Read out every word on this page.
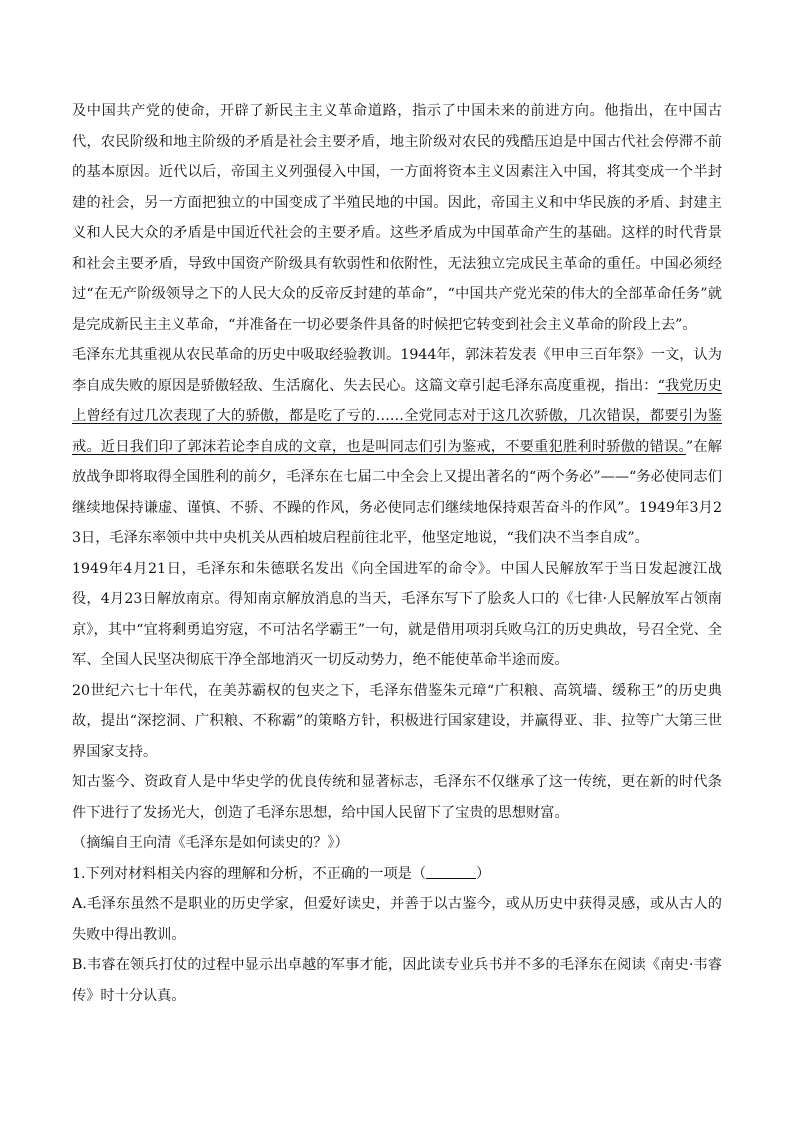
及中国共产党的使命，开辟了新民主主义革命道路，指示了中国未来的前进方向。他指出，在中国古代，农民阶级和地主阶级的矛盾是社会主要矛盾，地主阶级对农民的残酷压迫是中国古代社会停滞不前的基本原因。近代以后，帝国主义列强侵入中国，一方面将资本主义因素注入中国，将其变成一个半封建的社会，另一方面把独立的中国变成了半殖民地的中国。因此，帝国主义和中华民族的矛盾、封建主义和人民大众的矛盾是中国近代社会的主要矛盾。这些矛盾成为中国革命产生的基础。这样的时代背景和社会主要矛盾，导致中国资产阶级具有软弱性和依附性，无法独立完成民主革命的重任。中国必须经过“在无产阶级领导之下的人民大众的反帝反封建的革命”，“中国共产党光荣的伟大的全部革命任务”就是完成新民主主义革命，“并准备在一切必要条件具备的时候把它转变到社会主义革命的阶段上去”。

毛泽东尤其重视从农民革命的历史中吸取经验教训。1944年，郭沫若发表《甲申三百年祭》一文，认为李自成失败的原因是骄傲轻敌、生活腐化、失去民心。这篇文章引起毛泽东高度重视，指出：“我党历史上曾经有过几次表现了大的骄傲，都是吃了亏的……全党同志对于这几次骄傲，几次错误，都要引为鉴戒。近日我们印了郭沫若论李自成的文章，也是叫同志们引为鉴戒，不要重犯胜利时骄傲的错误。”在解放战争即将取得全国胜利的前夕，毛泽东在七届二中全会上又提出著名的“两个务必”——“务必使同志们继续地保持谦虚、谨慎、不骄、不躁的作风，务必使同志们继续地保持艰苦奋斗的作风”。1949年3月23日，毛泽东率领中共中央机关从西柏坡启程前往北平，他坚定地说，“我们决不当李自成”。

1949年4月21日，毛泽东和朱德联名发出《向全国进军的命令》。中国人民解放军于当日发起渡江战役，4月23日解放南京。得知南京解放消息的当天，毛泽东写下了脍炙人口的《七律·人民解放军占领南京》，其中“宜将剩勇追穷寇，不可沽名学霸王”一句，就是借用项羽兵败乌江的历史典故，号召全党、全军、全国人民坚决彻底干净全部地消灭一切反动势力，绝不能使革命半途而废。

20世纪六七十年代，在美苏霸权的包夹之下，毛泽东借鉴朱元璋“广积粮、高筑墙、缓称王”的历史典故，提出“深挖洞、广积粮、不称霸”的策略方针，积极进行国家建设，并赢得亚、非、拉等广大第三世界国家支持。

知古鉴今、资政育人是中华史学的优良传统和显著标志，毛泽东不仅继承了这一传统，更在新的时代条件下进行了发扬光大，创造了毛泽东思想，给中国人民留下了宝贵的思想财富。

（摘编自王向清《毛泽东是如何读史的？》）

1.下列对材料相关内容的理解和分析，不正确的一项是（	）

A.毛泽东虽然不是职业的历史学家，但爱好读史，并善于以古鉴今，或从历史中获得灵感，或从古人的失败中得出教训。

B.韦睿在领兵打仗的过程中显示出卓越的军事才能，因此读专业兵书并不多的毛泽东在阅读《南史·韦睿传》时十分认真。
